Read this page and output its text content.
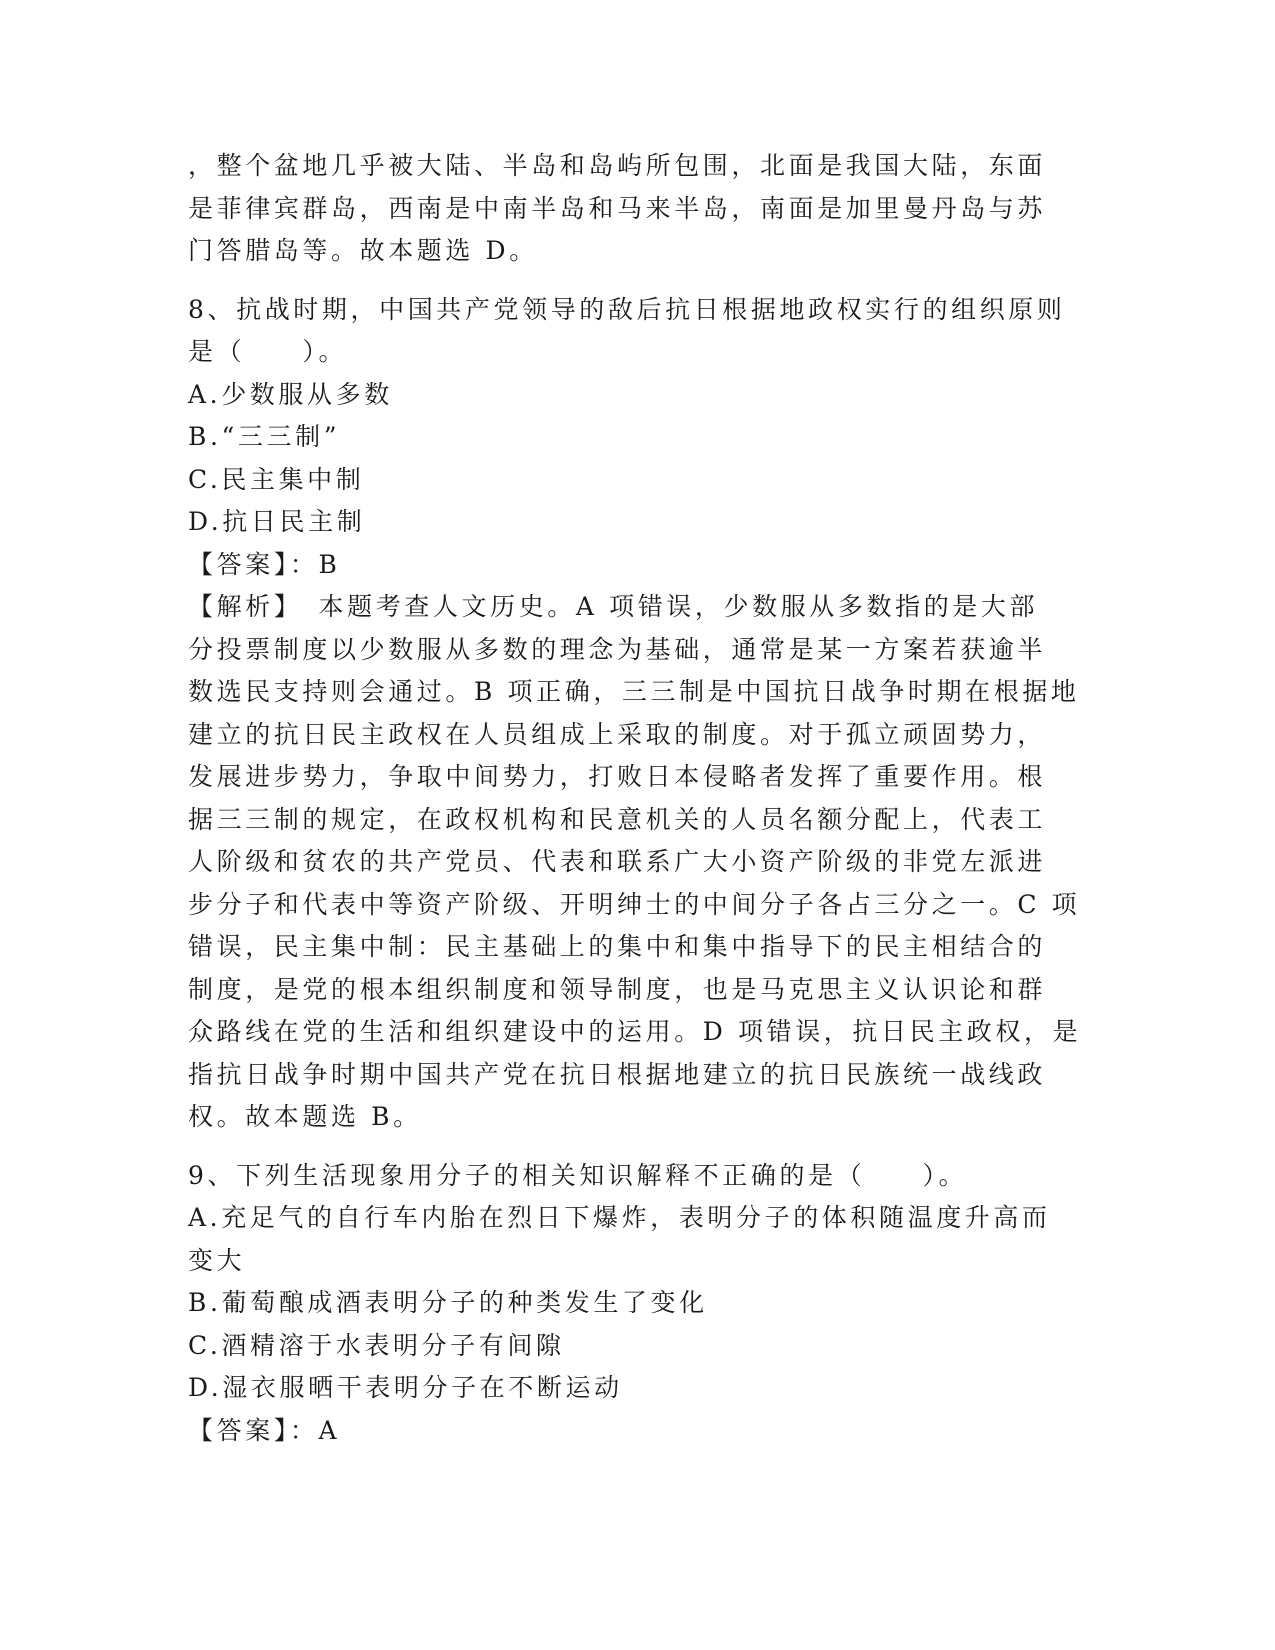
，整个盆地几乎被大陆、半岛和岛屿所包围，北面是我国大陆，东面

是菲律宾群岛，西南是中南半岛和马来半岛，南面是加里曼丹岛与苏

门答腊岛等。故本题选 D。

8、抗战时期，中国共产党领导的敌后抗日根据地政权实行的组织原则

是（　　）。

A.少数服从多数

B.“三三制”

C.民主集中制

D.抗日民主制

【答案】：B

【解析】　本题考查人文历史。A 项错误，少数服从多数指的是大部

分投票制度以少数服从多数的理念为基础，通常是某一方案若获逾半

数选民支持则会通过。B 项正确，三三制是中国抗日战争时期在根据地

建立的抗日民主政权在人员组成上采取的制度。对于孤立顽固势力，

发展进步势力，争取中间势力，打败日本侵略者发挥了重要作用。根

据三三制的规定，在政权机构和民意机关的人员名额分配上，代表工

人阶级和贫农的共产党员、代表和联系广大小资产阶级的非党左派进

步分子和代表中等资产阶级、开明绅士的中间分子各占三分之一。C 项

错误，民主集中制：民主基础上的集中和集中指导下的民主相结合的

制度，是党的根本组织制度和领导制度，也是马克思主义认识论和群

众路线在党的生活和组织建设中的运用。D 项错误，抗日民主政权，是

指抗日战争时期中国共产党在抗日根据地建立的抗日民族统一战线政

权。故本题选 B。

9、下列生活现象用分子的相关知识解释不正确的是（　　）。

A.充足气的自行车内胎在烈日下爆炸，表明分子的体积随温度升高而

变大

B.葡萄酿成酒表明分子的种类发生了变化

C.酒精溶于水表明分子有间隙

D.湿衣服晒干表明分子在不断运动

【答案】：A
